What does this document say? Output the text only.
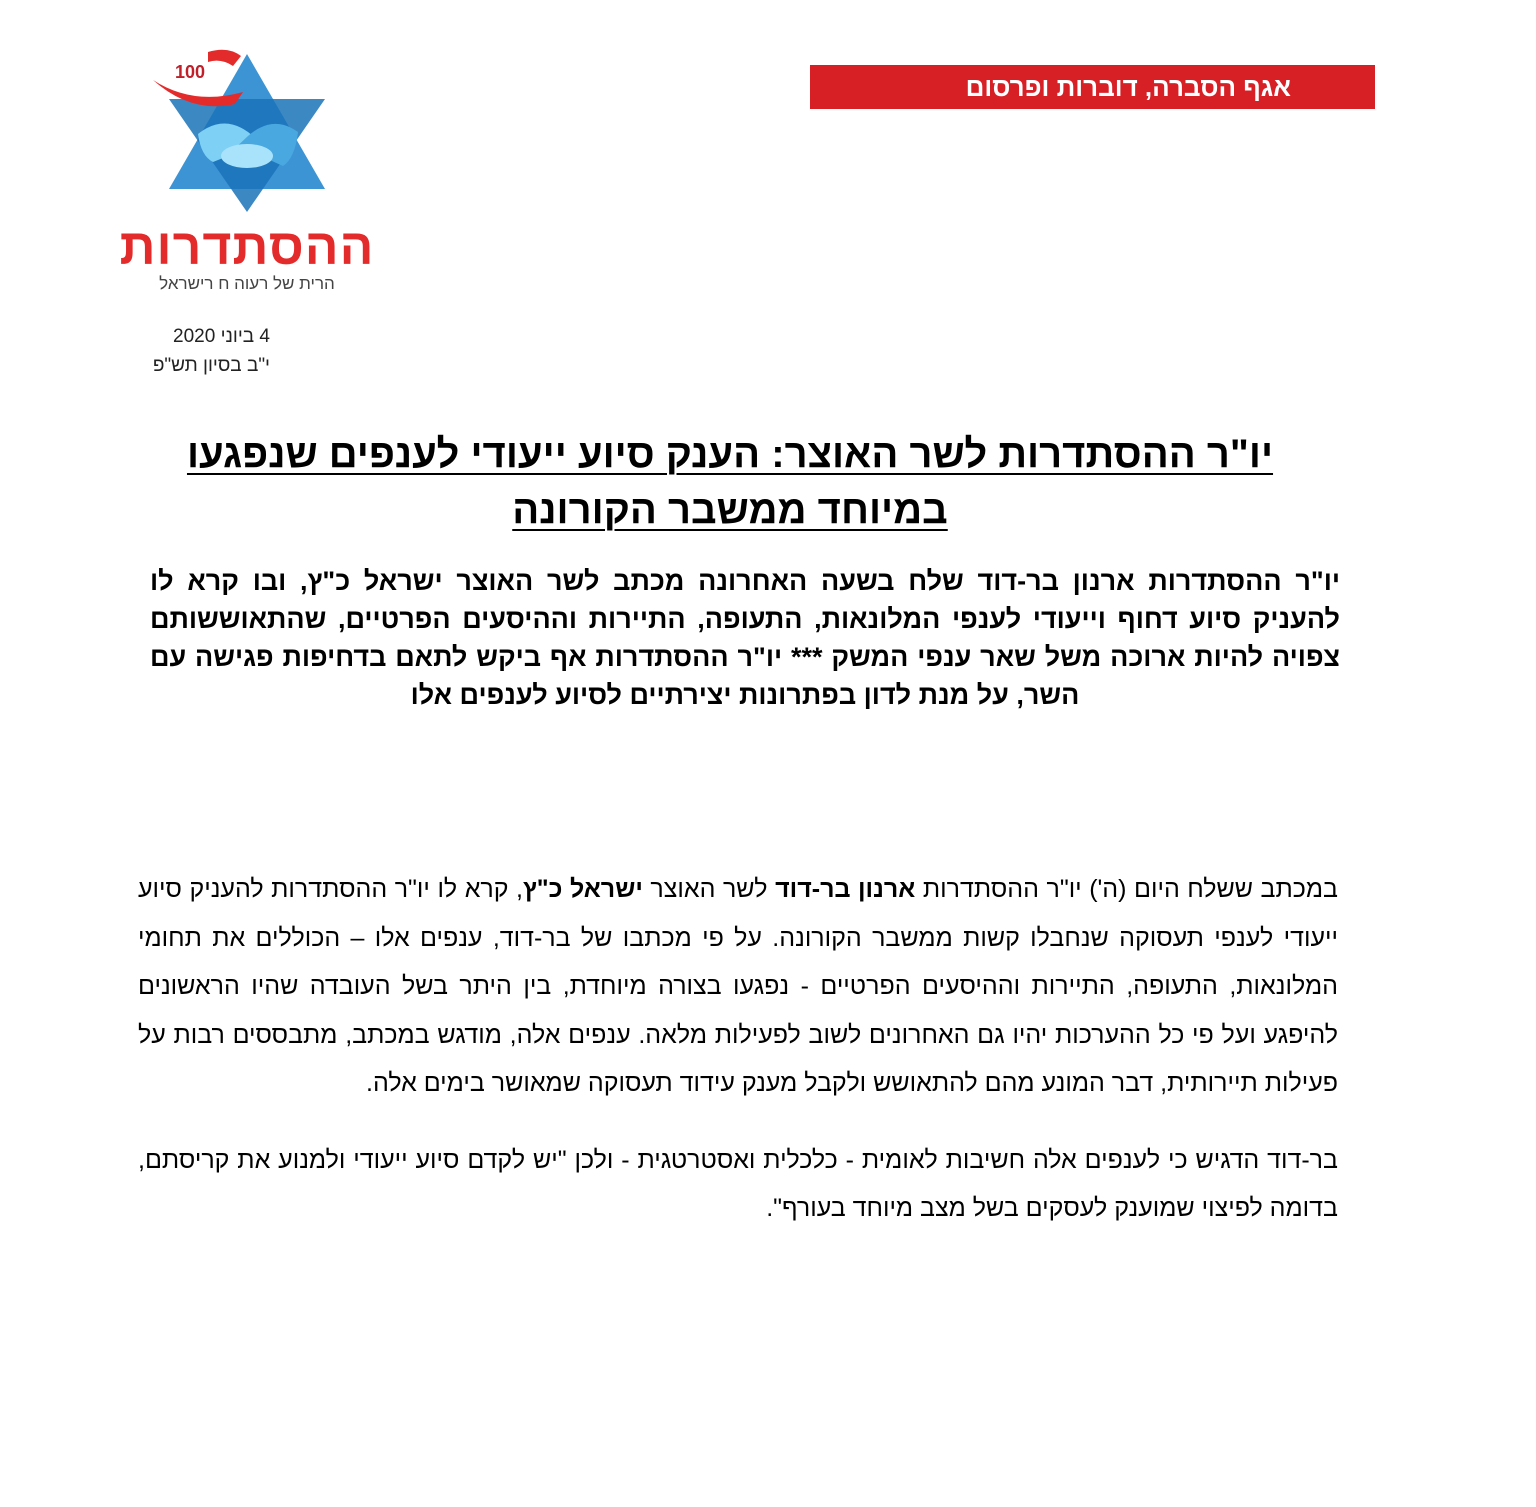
100
ההסתדרות
הרית של רעוה ח רישראל
אגף הסברה, דוברות ופרסום
4 ביוני 2020
י"ב בסיון תש"פ
יו"ר ההסתדרות לשר האוצר: הענק סיוע ייעודי לענפים שנפגעו במיוחד ממשבר הקורונה
יו"ר ההסתדרות ארנון בר-דוד שלח בשעה האחרונה מכתב לשר האוצר ישראל כ"ץ, ובו קרא לו להעניק סיוע דחוף וייעודי לענפי המלונאות, התעופה, התיירות וההיסעים הפרטיים, שהתאוששותם צפויה להיות ארוכה משל שאר ענפי המשק *** יו"ר ההסתדרות אף ביקש לתאם בדחיפות פגישה עם השר, על מנת לדון בפתרונות יצירתיים לסיוע לענפים אלו

במכתב ששלח היום (ה') יו"ר ההסתדרות ארנון בר-דוד לשר האוצר ישראל כ"ץ, קרא לו יו"ר ההסתדרות להעניק סיוע ייעודי לענפי תעסוקה שנחבלו קשות ממשבר הקורונה. על פי מכתבו של בר-דוד, ענפים אלו – הכוללים את תחומי המלונאות, התעופה, התיירות וההיסעים הפרטיים - נפגעו בצורה מיוחדת, בין היתר בשל העובדה שהיו הראשונים להיפגע ועל פי כל ההערכות יהיו גם האחרונים לשוב לפעילות מלאה. ענפים אלה, מודגש במכתב, מתבססים רבות על פעילות תיירותית, דבר המונע מהם להתאושש ולקבל מענק עידוד תעסוקה שמאושר בימים אלה.

בר-דוד הדגיש כי לענפים אלה חשיבות לאומית - כלכלית ואסטרטגית - ולכן "יש לקדם סיוע ייעודי ולמנוע את קריסתם, בדומה לפיצוי שמוענק לעסקים בשל מצב מיוחד בעורף".
